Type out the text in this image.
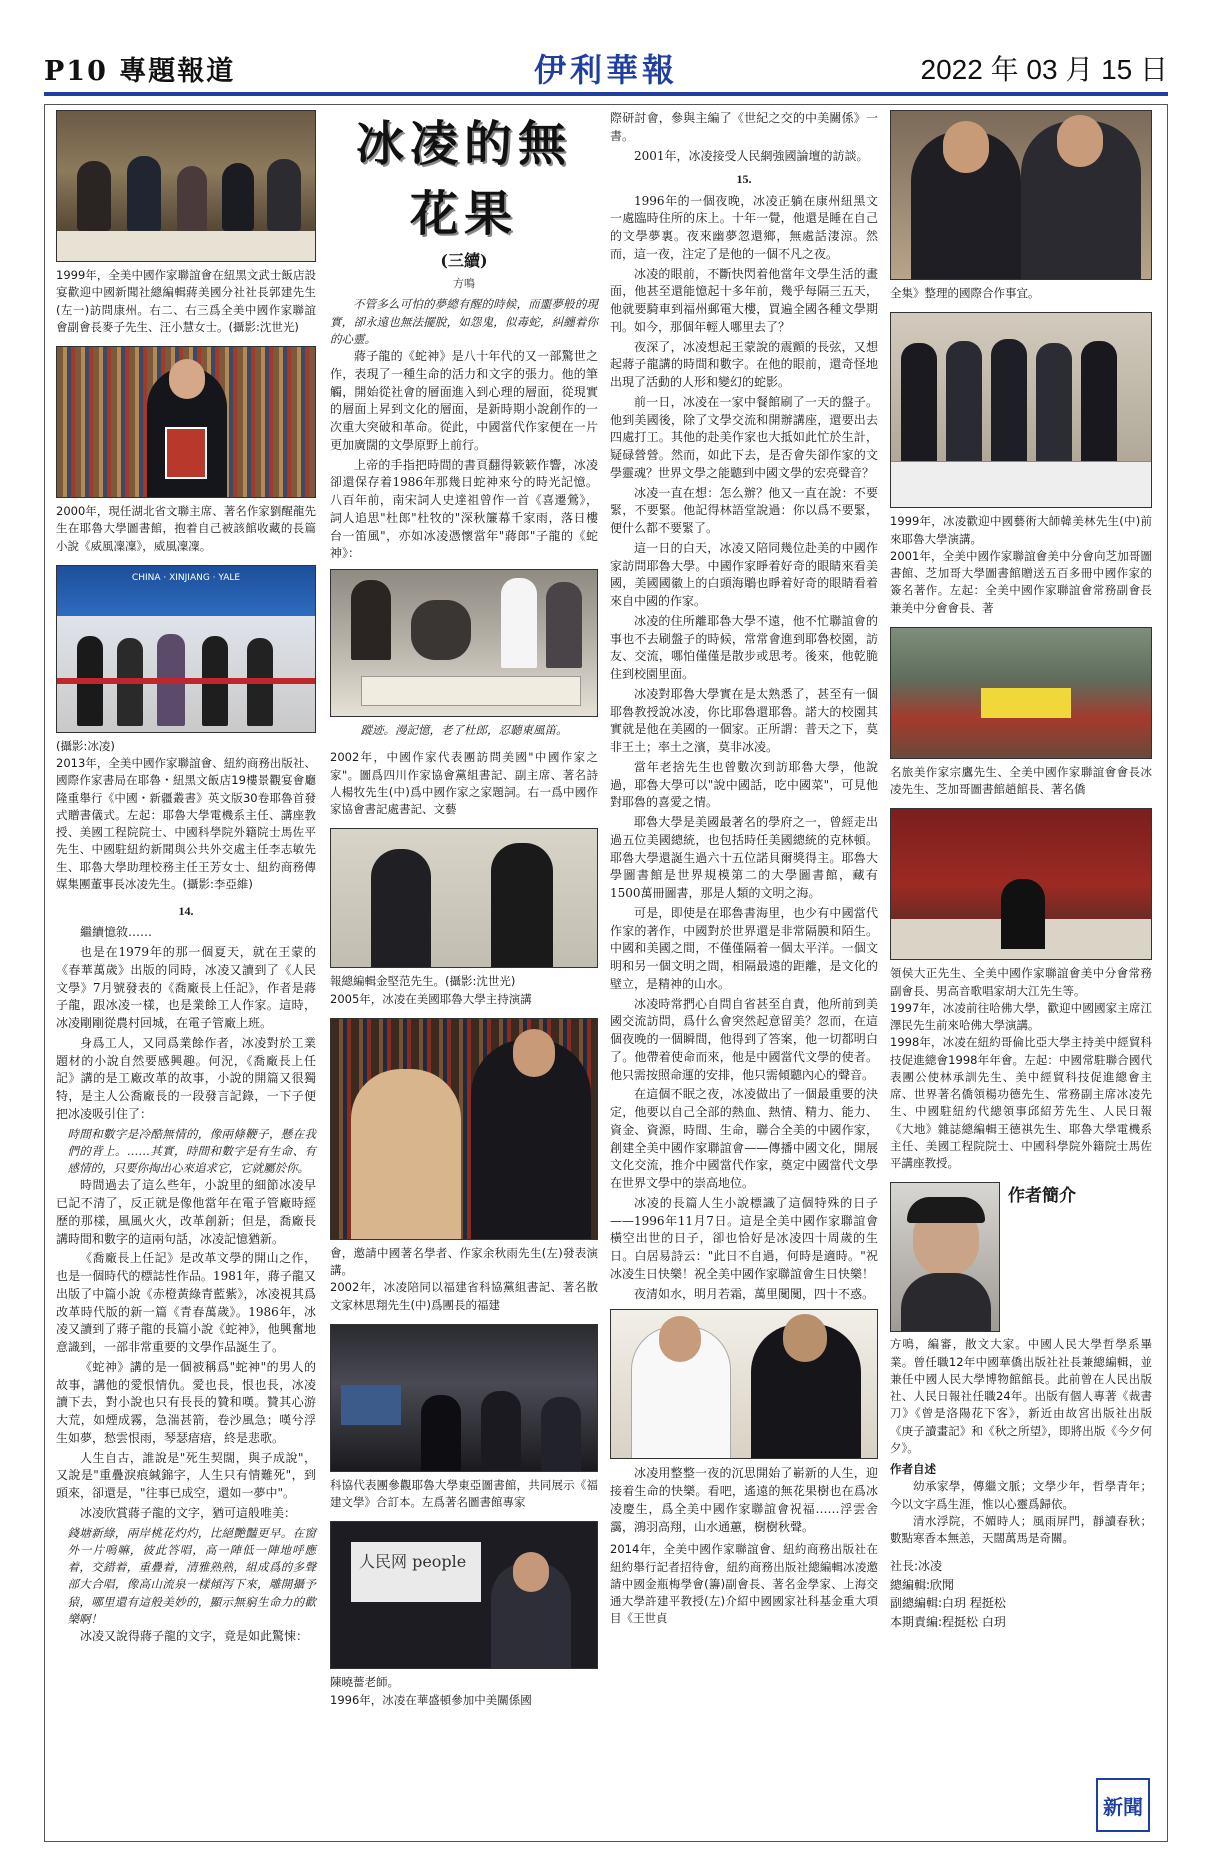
P10 專題報道	伊利華報	2022 年 03 月 15 日
1999年，全美中國作家聯誼會在紐黑文武士飯店設宴歡迎中國新聞社總編輯蔣美國分社社長郭建先生(左一)訪問康州。右二、右三爲全美中國作家聯誼會副會長麥子先生、汪小慧女士。(攝影:沈世光)
2000年，現任湖北省文聯主席、著名作家劉醒龍先生在耶魯大學圖書館，抱着自己被該館收藏的長篇小說《威風凜凜》，威風凜凜。
CHINA · XINJIANG · YALE
(攝影:冰凌)
2013年，全美中國作家聯誼會、紐約商務出版社、國際作家書局在耶魯・紐黑文飯店19樓景觀宴會廳隆重舉行《中國・新疆叢書》英文版30卷耶魯首發式贈書儀式。左起：耶魯大學電機系主任、講座教授、美國工程院院士、中國科學院外籍院士馬佐平先生、中國駐紐約新聞與公共外交處主任李志敏先生、耶魯大學助理校務主任王芳女士、紐約商務傳媒集團董事長冰凌先生。(攝影:李亞維)
14.

繼續憶敘……

也是在1979年的那一個夏天，就在王蒙的《春華萬歲》出版的同時，冰凌又讀到了《人民文學》7月號發表的《喬廠長上任記》，作者是蔣子龍，跟冰凌一樣，也是業餘工人作家。這時，冰凌剛剛從農村回城，在電子管廠上班。

身爲工人，又同爲業餘作者，冰凌對於工業題材的小說自然要感興趣。何況，《喬廠長上任記》講的是工廠改革的故事，小說的開篇又很獨特，是主人公喬廠長的一段發言記錄，一下子便把冰凌吸引住了：

時間和數字是冷酷無情的，像兩條鞭子，懸在我們的背上。……其實，時間和數字是有生命、有感情的，只要你掏出心來追求它，它就屬於你。

時間過去了這么些年，小說里的細節冰凌早已記不清了，反正就是像他當年在電子管廠時經歷的那樣，風風火火，改革創新；但是，喬廠長講時間和數字的這兩句話，冰凌記憶猶新。

《喬廠長上任記》是改革文學的開山之作，也是一個時代的標誌性作品。1981年，蔣子龍又出版了中篇小說《赤橙黃綠青藍紫》，冰凌視其爲改革時代版的新一篇《青春萬歲》。1986年，冰凌又讀到了蔣子龍的長篇小說《蛇神》，他興奮地意識到，一部非常重要的文學作品誕生了。

《蛇神》講的是一個被稱爲"蛇神"的男人的故事，講他的愛恨情仇。愛也長，恨也長，冰凌讀下去，對小說也只有長長的贊和嘆。贊其心游大荒，如煙成霧，急湍甚箭，卷沙風急；嘆兮浮生如夢，愁雲恨雨，琴瑟瘖瘖，終是悲歌。

人生自古，誰說是"死生契闊，與子成說"，又說是"重疊淚痕緘錦字，人生只有情難死"，到頭來，卻還是，"往事已成空，還如一夢中"。

冰凌欣賞蔣子龍的文字，猶可這般唯美：

錢塘新綠，兩岸桃花灼灼，比絕艷豔更早。在窗外一片鳴嘛，彼此答唱，高一陣低一陣地呼應着，交錯着，重疊着，清雅熟熟，組成爲的多聲部大合唱，像高山流泉一樣傾泻下來，雕開攝予猿，哪里還有這般美妙的，顯示無窮生命力的歡樂啊！

冰凌又說得蔣子龍的文字，竟是如此驚悚：

冰凌的無花果(三續)
方鳴

不管多么可怕的夢總有醒的時候，而噩夢般的現實，卻永遠也無法擺脫，如怨鬼，似毒蛇，糾纏着你的心靈。

蔣子龍的《蛇神》是八十年代的又一部驚世之作，表現了一種生命的活力和文字的張力。他的筆觸，開始從社會的層面進入到心理的層面，從現實的層面上昇到文化的層面，是新時期小說創作的一次重大突破和革命。從此，中國當代作家便在一片更加廣闊的文學原野上前行。

上帝的手指把時間的書頁翻得簌簌作響，冰凌卻還保存着1986年那幾日蛇神來兮的時光記憶。八百年前，南宋詞人史達祖曾作一首《喜遷鶯》，詞人追思"杜郎"杜牧的"深秋簾幕千家雨，落日樓台一笛風"，亦如冰凌憑懷當年"蔣郎"子龍的《蛇神》：

蹤迹。漫記憶，老了杜郎，忍聽東風笛。
2002年，中國作家代表團訪問美國"中國作家之家"。圖爲四川作家協會黨組書記、副主席、著名詩人楊牧先生(中)爲中國作家之家題詞。右一爲中國作家協會書記處書記、文藝
報總編輯金堅范先生。(攝影:沈世光)
2005年，冰凌在美國耶魯大學主持演講
會，邀請中國著名學者、作家余秋雨先生(左)發表演講。
2002年，冰凌陪同以福建省科協黨組書記、著名散文家林思翔先生(中)爲團長的福建
科協代表團參觀耶魯大學東亞圖書館，共同展示《福建文學》合訂本。左爲著名圖書館專家
人民网 people
陳曉薔老師。
1996年，冰凌在華盛頓參加中美關係國

際研討會，參與主編了《世紀之交的中美關係》一書。

2001年，冰凌接受人民網強國論壇的訪談。

15.

1996年的一個夜晚，冰凌正躺在康州紐黑文一處臨時住所的床上。十年一覺，他還是睡在自己的文學夢裏。夜來幽夢忽還鄉，無處話淒涼。然而，這一夜，注定了是他的一個不凡之夜。

冰凌的眼前，不斷快閃着他當年文學生活的畫面，他甚至還能憶起十多年前，幾乎每隔三五天，他就要騎車到福州郵電大樓，買遍全國各種文學期刊。如今，那個年輕人哪里去了？

夜深了，冰凌想起王蒙說的震顫的長弦，又想起蔣子龍講的時間和數字。在他的眼前，還奇怪地出現了活動的人形和變幻的蛇影。

前一日，冰凌在一家中餐館刷了一天的盤子。他到美國後，除了文學交流和開辦講座，還要出去四處打工。其他的赴美作家也大抵如此忙於生計，疑碌營營。然而，如此下去，是否會失卻作家的文學靈魂？世界文學之能聽到中國文學的宏亮聲音？

冰凌一直在想：怎么辦？他又一直在說：不要緊，不要緊。他記得林語堂說過：你以爲不要緊，便什么都不要緊了。

這一日的白天，冰凌又陪同幾位赴美的中國作家訪問耶魯大學。中國作家睜着好奇的眼睛來看美國，美國國徽上的白頭海鵰也睜着好奇的眼睛看着來自中國的作家。

冰凌的住所離耶魯大學不遠，他不忙聯誼會的事也不去刷盤子的時候，常常會進到耶魯校園，訪友、交流，哪怕僅僅是散步或思考。後來，他乾脆住到校園里面。

冰凌對耶魯大學實在是太熟悉了，甚至有一個耶魯教授說冰凌，你比耶魯還耶魯。諾大的校園其實就是他在美國的一個家。正所謂：普天之下，莫非王土；率土之濱，莫非冰凌。

當年老捨先生也曾數次到訪耶魯大學，他說過，耶魯大學可以"說中國話，吃中國菜"，可見他對耶魯的喜愛之情。

耶魯大學是美國最著名的學府之一，曾經走出過五位美國總統，也包括時任美國總統的克林頓。耶魯大學還誕生過六十五位諾貝爾獎得主。耶魯大學圖書館是世界規模第二的大學圖書館，藏有1500萬冊圖書，那是人類的文明之海。

可是，即使是在耶魯書海里，也少有中國當代作家的著作，中國對於世界還是非常隔膜和陌生。中國和美國之間，不僅僅隔着一個太平洋。一個文明和另一個文明之間，相隔最遠的距離，是文化的壁立，是精神的山水。

冰凌時常捫心自問自省甚至自責，他所前到美國交流訪問，爲什么會突然起意留美？忽而，在這個夜晚的一個瞬間，他得到了答案，他一切都明白了。他帶着使命而來，他是中國當代文學的使者。他只需按照命運的安排，他只需傾聽內心的聲音。

在這個不眠之夜，冰凌做出了一個最重要的決定，他要以自己全部的熱血、熱情、精力、能力、資金、資源，時間、生命，聯合全美的中國作家，創建全美中國作家聯誼會——傳播中國文化，開展文化交流，推介中國當代作家，奠定中國當代文學在世界文學中的崇高地位。

冰凌的長篇人生小說標識了這個特殊的日子——1996年11月7日。這是全美中國作家聯誼會橫空出世的日子，卻也恰好是冰凌四十周歲的生日。白居易詩云："此日不自過，何時是適時。"祝冰凌生日快樂！祝全美中國作家聯誼會生日快樂！

夜清如水，明月若霜，萬里闃闃，四十不惑。

冰凌用整整一夜的沉思開始了嶄新的人生，迎接着生命的快樂。看吧，遙遠的無花果樹也在爲冰凌慶生，爲全美中國作家聯誼會祝福……浮雲舍靄，鴻羽高翔，山水通蕙，樹樹秋聲。

2014年，全美中國作家聯誼會、紐約商務出版社在紐約舉行記者招待會，紐約商務出版社總編輯冰凌邀請中國金瓶梅學會(籌)副會長、著名金學家、上海交通大學許建平教授(左)介紹中國國家社科基金重大項目《王世貞
全集》整理的國際合作事宜。
1999年，冰凌歡迎中國藝術大師韓美林先生(中)前來耶魯大學演講。
2001年，全美中國作家聯誼會美中分會向芝加哥圖書館、芝加哥大學圖書館贈送五百多冊中國作家的簽名著作。左起：全美中國作家聯誼會常務副會長兼美中分會會長、著
名旅美作家宗鷹先生、全美中國作家聯誼會會長冰凌先生、芝加哥圖書館趙館長、著名僑
領侯大正先生、全美中國作家聯誼會美中分會常務副會長、男高音歌唱家胡大江先生等。
1997年，冰凌前往哈佛大學，歡迎中國國家主席江澤民先生前來哈佛大學演講。
1998年，冰凌在紐約哥倫比亞大學主持美中經貿科技促進總會1998年年會。左起：中國常駐聯合國代表團公使林承訓先生、美中經貿科技促進總會主席、世界著名僑領楊功德先生、常務副主席冰凌先生、中國駐紐約代總領事邱紹芳先生、人民日報《大地》雜誌總編輯王德祺先生、耶魯大學電機系主任、美國工程院院士、中國科學院外籍院士馬佐平講座教授。
作者簡介
方鳴，編審，散文大家。中國人民大學哲學系畢業。曾任職12年中國華僑出版社社長兼總編輯，並兼任中國人民大學博物館館長。此前曾在人民出版社、人民日報社任職24年。出版有個人專著《裁書刀》《曾是洛陽花下客》，新近由故宮出版社出版《庚子讀畫記》和《秋之所望》，即將出版《今夕何夕》。
作者自述
幼承家學，傳繼文脈；文學少年，哲學青年；今以文字爲生涯，惟以心靈爲歸依。
清水浮院，不媚時人；風雨屏門，靜讀春秋；數點寒香本無恙，天闊萬馬是奇關。
社長:冰凌
總編輯:欣聞
副總編輯:白玥 程挺松
本期責編:程挺松 白玥
新聞
